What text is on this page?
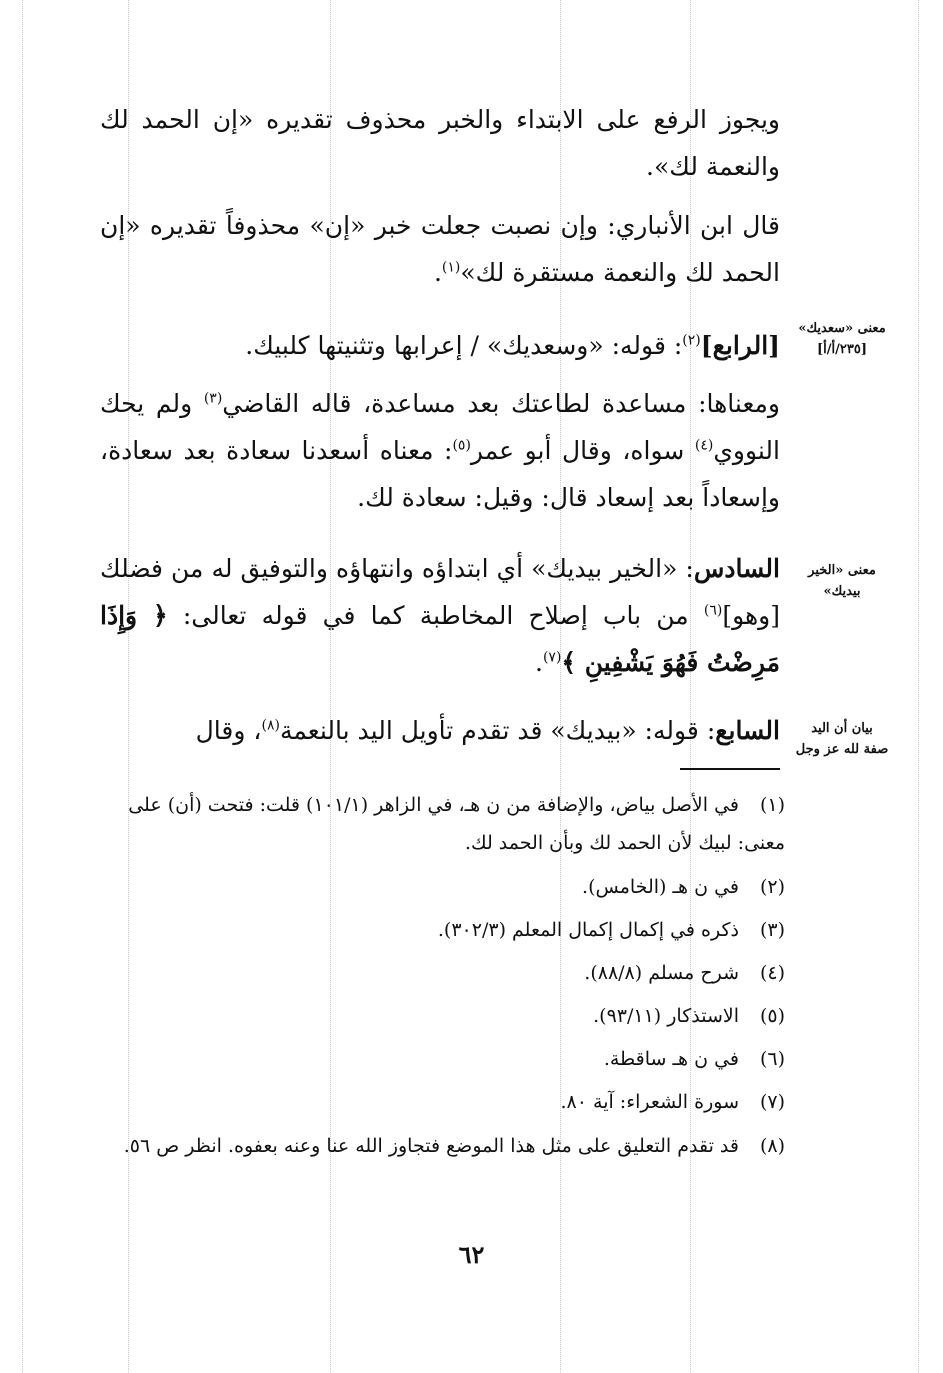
ويجوز الرفع على الابتداء والخبر محذوف تقديره «إن الحمد لك والنعمة لك».
قال ابن الأنباري: وإن نصبت جعلت خبر «إن» محذوفاً تقديره «إن الحمد لك والنعمة مستقرة لك»$^{(١)}$.
[الرابع]$^{(٢)}$: قوله: «وسعديك» / إعرابها وتثنيتها كلبيك.
ومعناها: مساعدة لطاعتك بعد مساعدة، قاله القاضي$^{(٣)}$ ولم يحك النووي$^{(٤)}$ سواه، وقال أبو عمر$^{(٥)}$: معناه أسعدنا سعادة بعد سعادة، وإسعاداً بعد إسعاد قال: وقيل: سعادة لك.
السادس: «الخير بيديك» أي ابتداؤه وانتهاؤه والتوفيق له من فضلك [وهو]$^{(٦)}$ من باب إصلاح المخاطبة كما في قوله تعالى: ﴿ وَإِذَا مَرِضْتُ فَهُوَ يَشْفِينِ ﴾$^{(٧)}$.
السابع: قوله: «بيديك» قد تقدم تأويل اليد بالنعمة$^{(٨)}$، وقال
معنى «سعديك»
[٢٣٥/أ/أ]
معنى «الخير
بيديك»
بيان أن اليد
صفة لله عز وجل
(١)في الأصل بياض، والإضافة من ن هـ، في الزاهر (١٠١/١) قلت: فتحت (أن) على معنى: لبيك لأن الحمد لك وبأن الحمد لك.
(٢)في ن هـ (الخامس).
(٣)ذكره في إكمال إكمال المعلم (٣٠٢/٣).
(٤)شرح مسلم (٨٨/٨).
(٥)الاستذكار (٩٣/١١).
(٦)في ن هـ ساقطة.
(٧)سورة الشعراء: آية ٨٠.
(٨)قد تقدم التعليق على مثل هذا الموضع فتجاوز الله عنا وعنه بعفوه. انظر ص ٥٦.
٦٢
